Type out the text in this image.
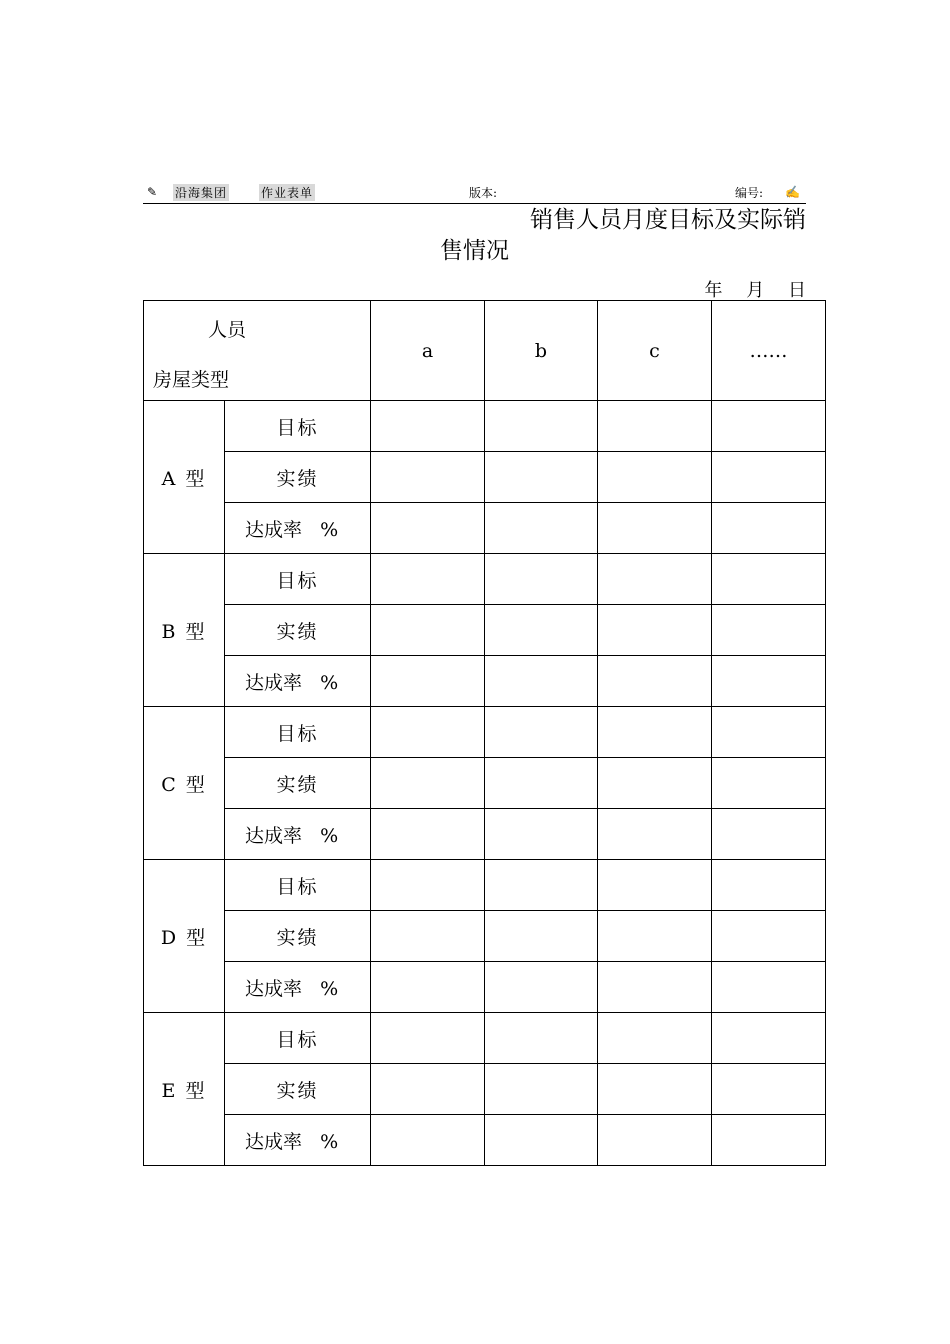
✎ 沿海集团	作业表单	版本:	编号: ✍
销售人员月度目标及实际销
售情况
年 月 日
人员
房屋类型		a	b	c	……
A 型	目标				
	实绩				
	达成率   %				
B 型	目标				
	实绩				
	达成率   %				
C 型	目标				
	实绩				
	达成率   %				
D 型	目标				
	实绩				
	达成率   %				
E 型	目标				
	实绩				
	达成率   %				
